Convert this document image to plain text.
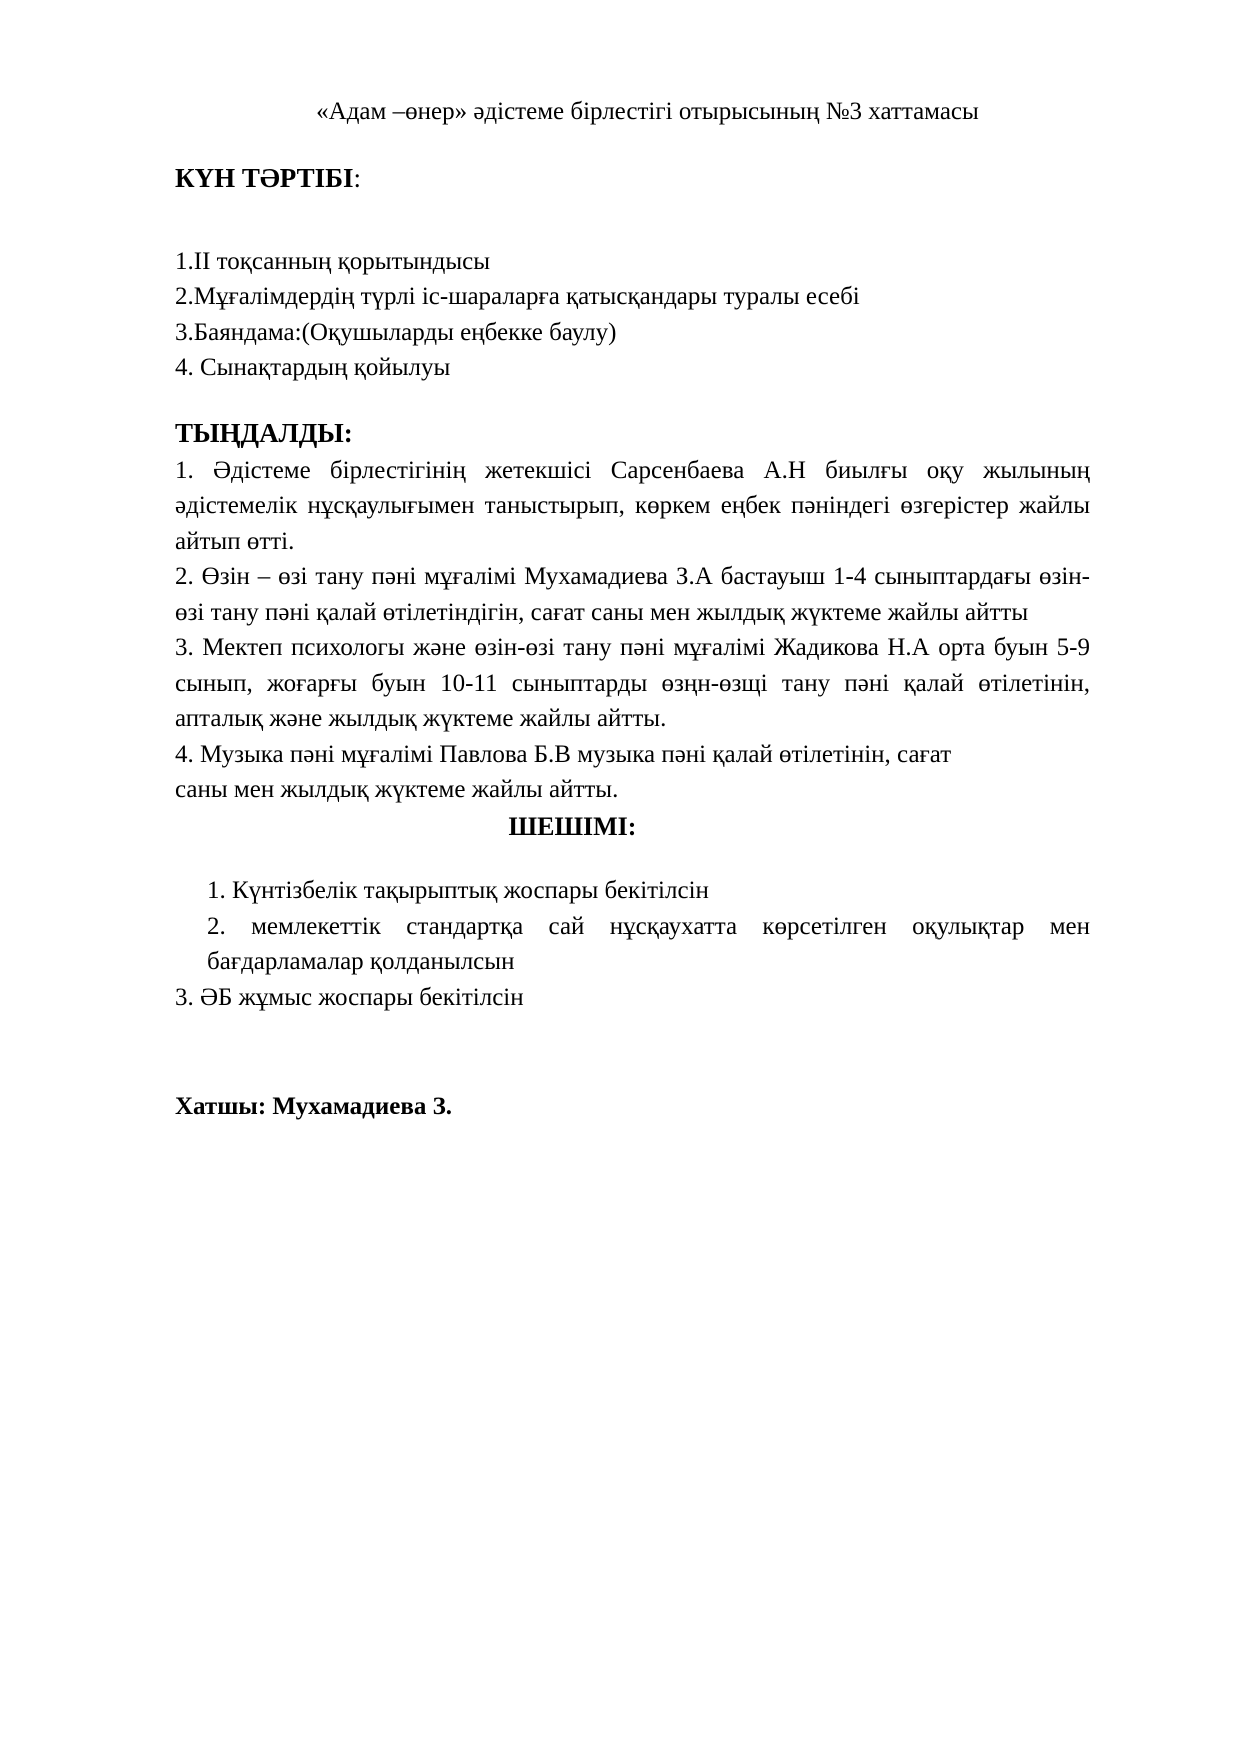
«Адам –өнер» әдістеме бірлестігі отырысының №3 хаттамасы
КҮН ТӘРТІБІ:

1.II тоқсанның қорытындысы

2.Мұғалімдердің түрлі іс-шараларға қатысқандары туралы есебі

3.Баяндама:(Оқушыларды еңбекке баулу)

4. Сынақтардың қойылуы

ТЫҢДАЛДЫ:

1. Әдістеме бірлестігінің жетекшісі Сарсенбаева А.Н биылғы оқу жылының әдістемелік нұсқаулығымен таныстырып, көркем еңбек пәніндегі өзгерістер жайлы айтып өтті.

2. Өзін – өзі тану пәні мұғалімі Мухамадиева З.А бастауыш 1-4 сыныптардағы өзін-өзі тану пәні қалай өтілетіндігін, сағат саны мен жылдық жүктеме жайлы айтты

3. Мектеп психологы және өзін-өзі тану пәні мұғалімі Жадикова Н.А орта буын 5-9 сынып, жоғарғы буын 10-11 сыныптарды өзңн-өзщі тану пәні қалай өтілетінін, апталық және жылдық жүктеме жайлы айтты.

4. Музыка пәні мұғалімі Павлова Б.В музыка пәні қалай өтілетінін, сағат

саны мен жылдық жүктеме жайлы айтты.

ШЕШІМІ:

1. Күнтізбелік тақырыптық жоспары бекітілсін

2. мемлекеттік стандартқа сай нұсқаухатта көрсетілген оқулықтар мен бағдарламалар қолданылсын

3. ӘБ жұмыс жоспары бекітілсін

Хатшы: Мухамадиева З.
